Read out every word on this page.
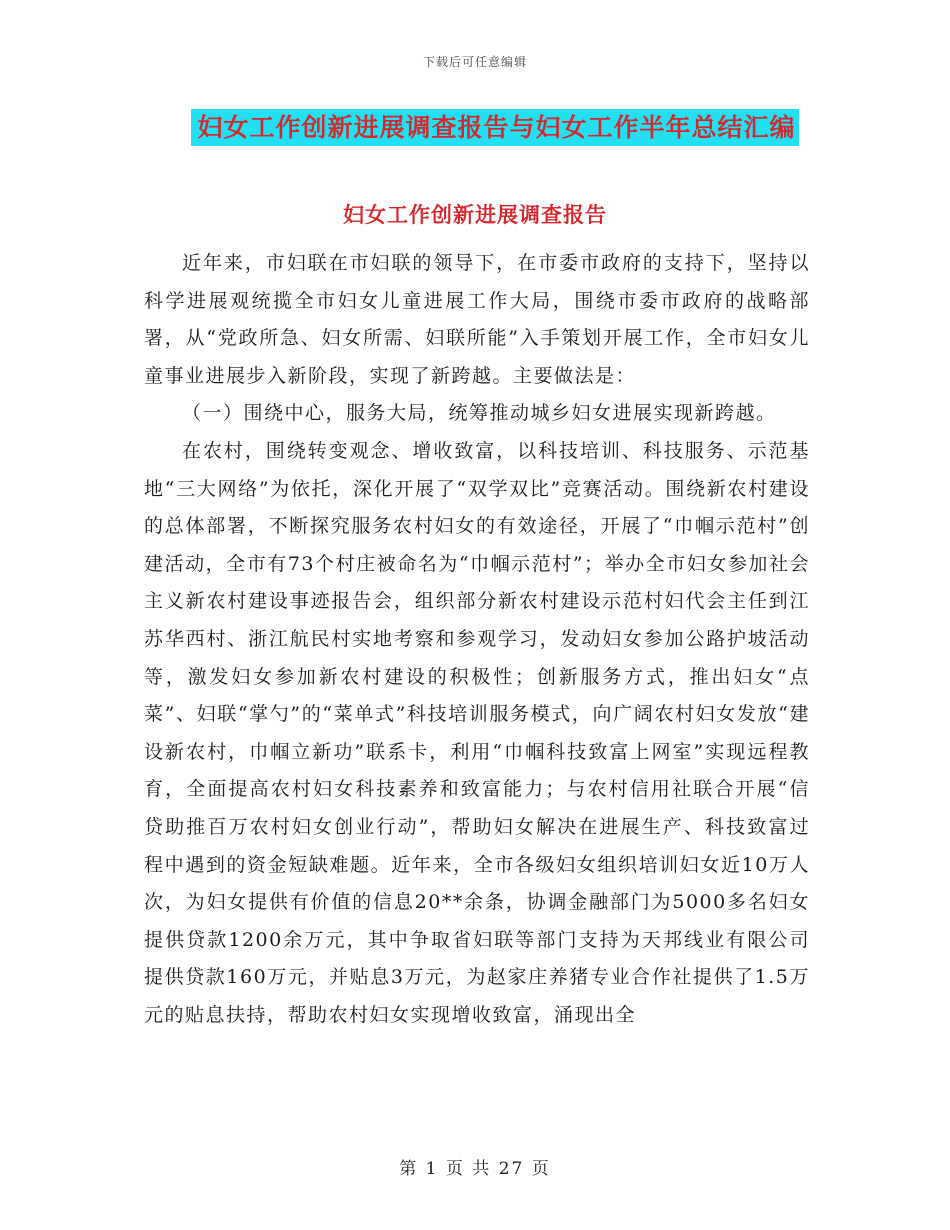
下载后可任意编辑
妇女工作创新进展调查报告与妇女工作半年总结汇编
妇女工作创新进展调查报告

近年来，市妇联在市妇联的领导下，在市委市政府的支持下，坚持以科学进展观统揽全市妇女儿童进展工作大局，围绕市委市政府的战略部署，从“党政所急、妇女所需、妇联所能”入手策划开展工作，全市妇女儿童事业进展步入新阶段，实现了新跨越。主要做法是：

（一）围绕中心，服务大局，统筹推动城乡妇女进展实现新跨越。

在农村，围绕转变观念、增收致富，以科技培训、科技服务、示范基地“三大网络”为依托，深化开展了“双学双比”竞赛活动。围绕新农村建设的总体部署，不断探究服务农村妇女的有效途径，开展了“巾帼示范村”创建活动，全市有73个村庄被命名为“巾帼示范村”；举办全市妇女参加社会主义新农村建设事迹报告会，组织部分新农村建设示范村妇代会主任到江苏华西村、浙江航民村实地考察和参观学习，发动妇女参加公路护坡活动等，激发妇女参加新农村建设的积极性；创新服务方式，推出妇女“点菜”、妇联“掌勺”的“菜单式”科技培训服务模式，向广阔农村妇女发放“建设新农村，巾帼立新功”联系卡，利用“巾帼科技致富上网室”实现远程教育，全面提高农村妇女科技素养和致富能力；与农村信用社联合开展“信贷助推百万农村妇女创业行动”，帮助妇女解决在进展生产、科技致富过程中遇到的资金短缺难题。近年来，全市各级妇女组织培训妇女近10万人次，为妇女提供有价值的信息20**余条，协调金融部门为5000多名妇女提供贷款1200余万元，其中争取省妇联等部门支持为天邦线业有限公司提供贷款160万元，并贴息3万元，为赵家庄养猪专业合作社提供了1.5万元的贴息扶持，帮助农村妇女实现增收致富，涌现出全

第 1 页 共 27 页
